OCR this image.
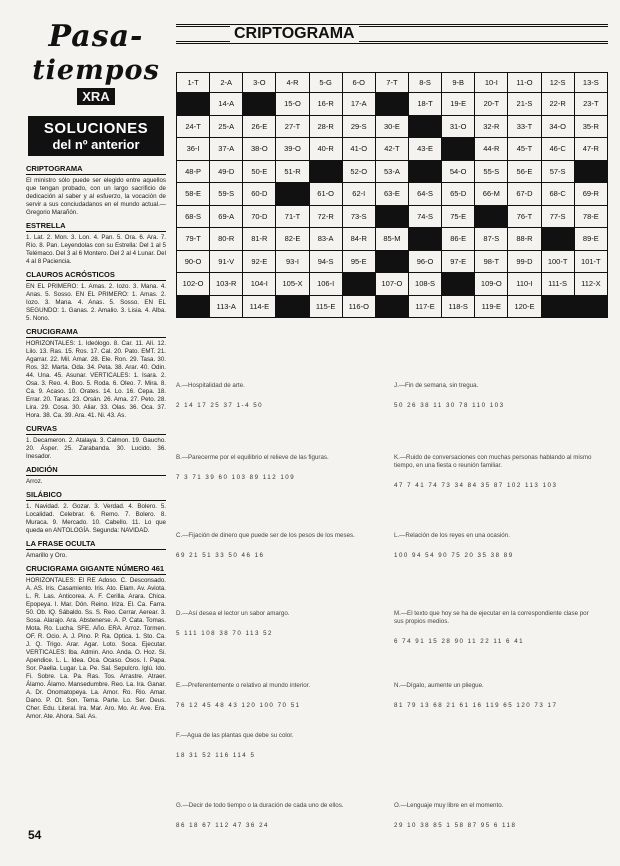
Pasa-
tiempos
XRA
SOLUCIONES
del nº anterior
CRIPTOGRAMA
El ministro sólo puede ser elegido entre aquellos que tengan probado, con un largo sacrificio de dedicación al saber y al esfuerzo, la vocación de servir a sus conciudadanos en el mundo actual.—Gregorio Marañón.
ESTRELLA
1. Lat. 2. Mon. 3. Lon. 4. Pan. 5. Ora. 6. Ara. 7. Río. 8. Pan. Leyendolas con su Estrella: Del 1 al 5 Telémaco. Del 3 al 6 Montero. Del 2 al 4 Lunar. Del 4 al 8 Paciencia.
CLAUROS ACRÓSTICOS
EN EL PRIMERO: 1. Amas. 2. Iozo. 3. Mana. 4. Anas. 5. Sosso. EN EL PRIMERO: 1. Amas. 2. Iozo. 3. Mana. 4. Anas. 5. Sosso. EN EL SEGUNDO: 1. Ganas. 2. Amalio. 3. Lisia. 4. Alba. 5. Nono.
CRUCIGRAMA
HORIZONTALES: 1. Ideólogo. 8. Car. 11. Alí. 12. Lilo. 13. Ras. 15. Ros. 17. Cal. 20. Pato. EMT. 21. Agarrar. 22. Mil. Amar. 28. Ele. Ron. 29. Tasa. 30. Ros. 32. Marta. Oda. 34. Peta. 38. Arar. 40. Odin. 44. Una. 45. Asunar. VERTICALES: 1. Isara. 2. Osa. 3. Reo. 4. Boo. 5. Roda. 6. Oleo. 7. Mira. 8. Ca. 9. Acaso. 10. Orates. 14. Lo. 16. Cepa. 18. Errar. 20. Taras. 23. Orsán. 26. Ama. 27. Peto. 28. Lira. 29. Cosa. 30. Aliar. 33. Olas. 36. Oca. 37. Hora. 38. Ca. 39. Ara. 41. Ni. 43. As.
CURVAS
1. Decameron. 2. Atalaya. 3. Calmon. 19. Gaucho. 20. Ásper. 25. Zarabanda. 30. Lucido. 36. Inesador.
ADICIÓN
Arroz.
SILÁBICO
1. Navidad. 2. Gozar. 3. Verdad. 4. Bolero. 5. Localidad. Celebrar. 6. Remo. 7. Bolero. 8. Muraca. 9. Mercado. 10. Cabello. 11. Lo que queda en ANTOLOGÍA. Segunda: NAVIDAD.
LA FRASE OCULTA
Amarillo y Oro.
CRUCIGRAMA GIGANTE NÚMERO 461
HORIZONTALES: El RE Adoso. C. Desconsado. A. AS. Iris. Casamiento. Iris. Ato. Elam. Av. Aviota. L. R. Las. Anticorea. A. F. Cerilla. Arara. Chica. Epopeya. I. Mar. Dón. Reino. Iriza. El. Ca. Farra. 50. Ob. IQ. Sábaldo. Ss. S. Reo. Cerrar. Aerear. 3. Sosa. Alarajo. Ara. Abstenerse. A. P. Cata. Tomas. Mota. Ro. Lucha. SFE. Año. ERA. Arroz. Tormen. OF. R. Ocio. A. J. Pino. P. Ra. Optica. 1. Sto. Ca. J. Q. Trigo. Arar. Agar. Loto. Soca. Ejecutar. VERTICALES: Iba. Admin. Ano. Anda. O. Hoz. Si. Apendice. L. L. Idea. Oca. Ocaso. Osos. I. Papa. Sor. Paella. Lugar. La. Pe. Sal. Sepulcro. Iglú. Ido. Fi. Sobre. La. Pa. Ras. Tos. Arrastre. Atraer. Álamo. Álamo. Mansedumbre. Reo. La. Ira. Ganar. A. Dr. Onomatopeya. La. Amor. Ro. Rio. Amar. Dano. P. Ot. Son. Tema. Parte. Lo. Ser. Deus. Cher. Edu. Literal. Ira. Mar. Aro. Mo. Ar. Ave. Era. Amor. Ate. Ahora. Sal. As.
CRIPTOGRAMA
1-T	2-A	3-O	4-R	5-G	6-O	7-T	8-S	9-B	10-I	11-O	12-S	13-S
	14-A		15-O	16-R	17-A		18-T	19-E	20-T	21-S	22-R	23-T
24-T	25-A	26-E	27-T	28-R	29-S	30-E		31-O	32-R	33-T	34-O	35-R
36-I	37-A	38-O	39-O	40-R	41-O	42-T	43-E		44-R	45-T	46-C	47-R
48-P	49-D	50-E	51-R		52-O	53-A		54-O	55-S	56-E	57-S	
58-E	59-S	60-D		61-O	62-I	63-E	64-S	65-D	66-M	67-D	68-C	69-R
68-S	69-A	70-D	71-T	72-R	73-S		74-S	75-E		76-T	77-S	78-E
79-T	80-R	81-R	82-E	83-A	84-R	85-M		86-E	87-S	88-R		89-E
90-O	91-V	92-E	93-I	94-S	95-E		96-O	97-E	98-T	99-D	100-T	101-T
102-O	103-R	104-I	105-X	106-I		107-O	108-S		109-O	110-I	111-S	112-X
	113-A	114-E		115-E	116-O		117-E	118-S	119-E	120-E		
A.—Hospitalidad de arte.
2 14 17 25 37 1-4 50
J.—Fin de semana, sin tregua.
50 26 38 11 30 78 110 103
B.—Parecerme por el equilibrio el relieve de las figuras.
7 3 71 39 60 103 89 112 109
K.—Ruido de conversaciones con muchas personas hablando al mismo tiempo, en una fiesta o reunión familiar.
47 7 41 74 73 34 84 35 87 102 113 103
C.—Fijación de dinero que puede ser de los pesos de los meses.
69 21 51 33 50 46 16
L.—Relación de los reyes en una ocasión.
100 94 54 90 75 20 35 38 89
D.—Así desea el lector un sabor amargo.
5 111 108 38 70 113 52
M.—El texto que hoy se ha de ejecutar en la correspondiente clase por sus propios medios.
6 74 91 15 28 90 11 22 11 6 41
E.—Preferentemente o relativo al mundo interior.
76 12 45 48 43 120 100 70 51
N.—Dígalo, aumente un pliegue.
81 79 13 68 21 61 16 119 65 120 73 17
F.—Agua de las plantas que debe su color.
18 31 52 116 114 5
G.—Decir de todo tiempo o la duración de cada uno de ellos.
86 18 67 112 47 36 24
O.—Lenguaje muy libre en el momento.
29 10 38 85 1 58 87 95 6 118
54
